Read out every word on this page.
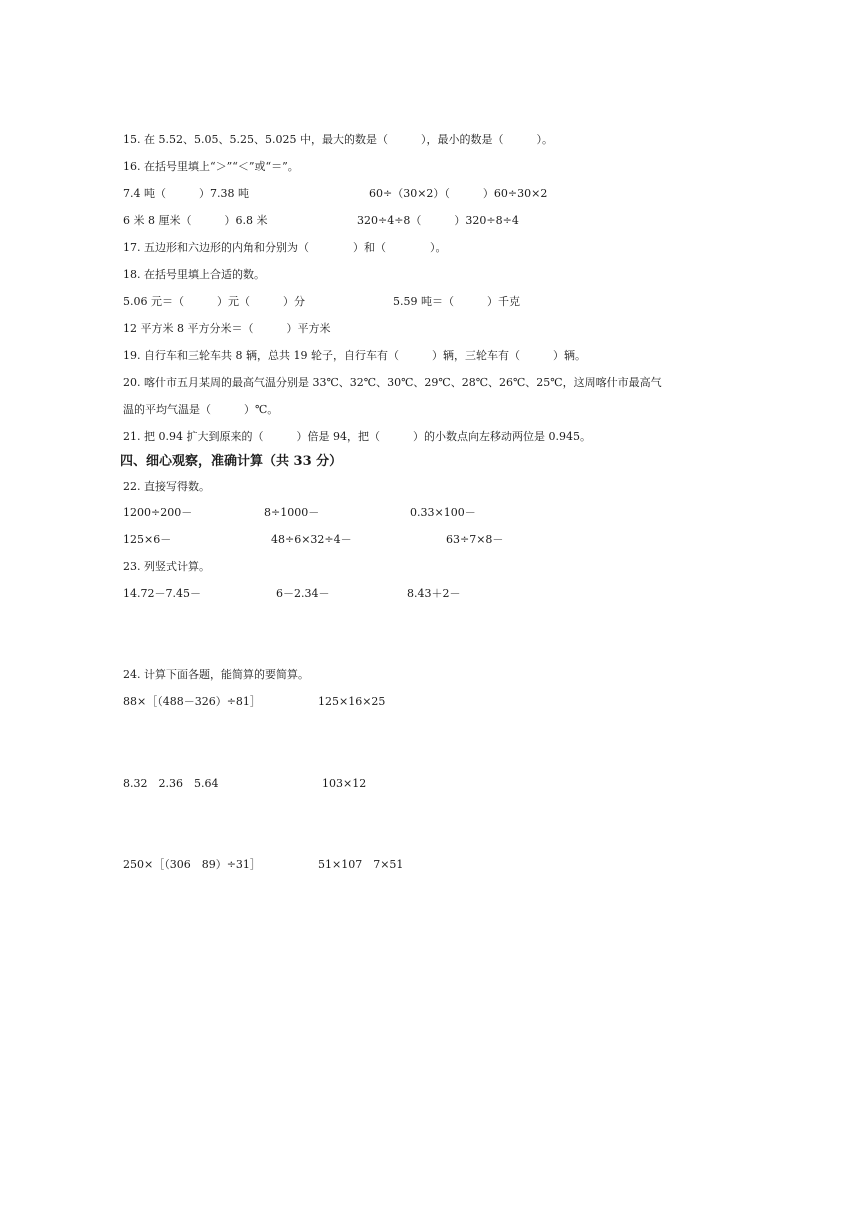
15. 在 5.52、5.05、5.25、5.025 中，最大的数是（　　　），最小的数是（　　　）。
16. 在括号里填上“＞”“＜”或“＝”。
7.4 吨（　　　）7.38 吨	60÷（30×2）（　　　）60÷30×2
6 米 8 厘米（　　　）6.8 米	320÷4÷8（　　　）320÷8÷4
17. 五边形和六边形的内角和分别为（　　　　）和（　　　　）。
18. 在括号里填上合适的数。
5.06 元＝（　　　）元（　　　）分	5.59 吨＝（　　　）千克
12 平方米 8 平方分米＝（　　　）平方米
19. 自行车和三轮车共 8 辆，总共 19 轮子，自行车有（　　　）辆，三轮车有（　　　）辆。
20. 喀什市五月某周的最高气温分别是 33℃、32℃、30℃、29℃、28℃、26℃、25℃，这周喀什市最高气
温的平均气温是（　　　）℃。
21. 把 0.94 扩大到原来的（　　　）倍是 94，把（　　　）的小数点向左移动两位是 0.945。
四、细心观察，准确计算（共 33 分）
22. 直接写得数。
1200÷200－	8÷1000－	0.33×100－
125×6－	48÷6×32÷4－	63÷7×8－
23. 列竖式计算。
14.72－7.45－	6－2.34－	8.43＋2－
24. 计算下面各题，能简算的要简算。
88×［（488－326）÷81］	125×16×25
8.32　2.36　5.64	103×12
250×［（306　89）÷31］	51×107　7×51
